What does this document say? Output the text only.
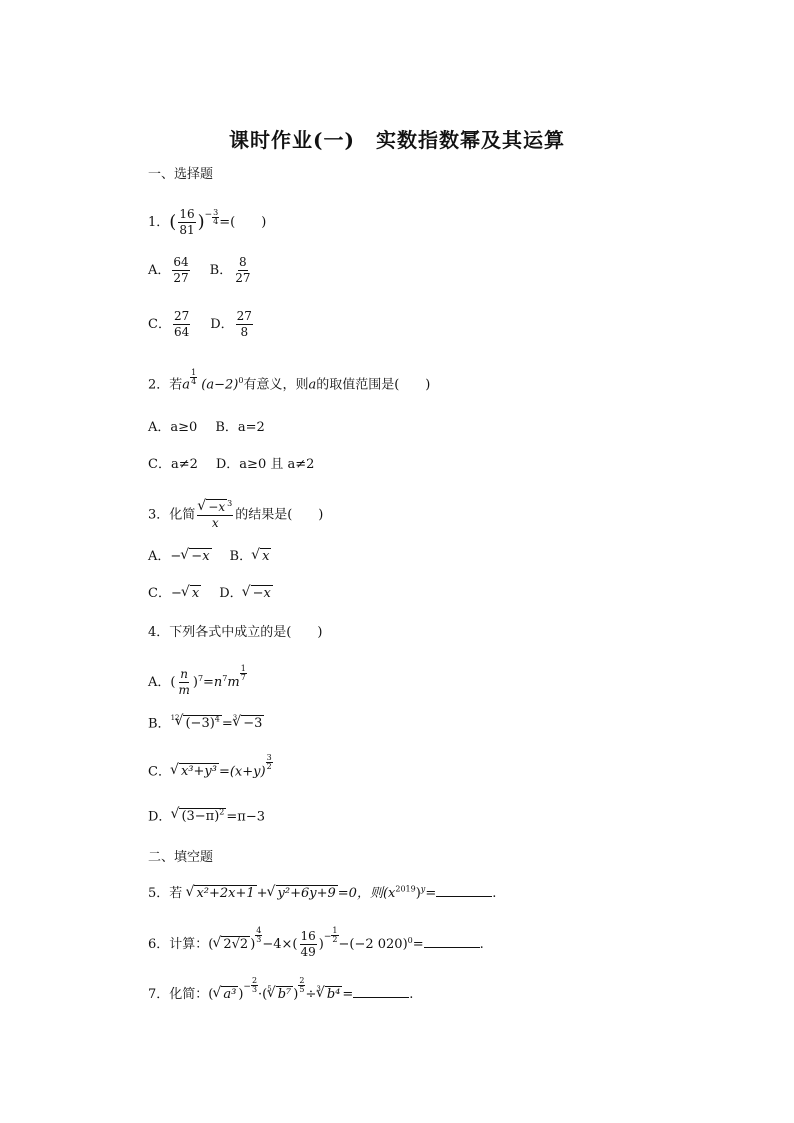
课时作业(一)　实数指数幂及其运算
一、选择题
1．( $\frac{16}{81} )^- \frac{3}{4}$ =(　　)
A． $\frac{64}{27}$ B． $\frac{8}{27}$
C． $\frac{27}{64}$ D． $\frac{27}{8}$
2．若a $\frac{1}{4} (a-2)^0$有意义，则a的取值范围是(　　)
A．a≥0 B．a=2
C．a≠2 D．a≥0 且 a≠2
3．化简
√ $\frac{-x ^3}{x}$ 的结果是(　　)
A．−√ −x B．√ x
C．−√ x D．√ −x
4．下列各式中成立的是(　　)
A．( $\frac{n}{m} )^7=n^7m$
$\frac{1}{7}$
B．$^{12}$√ $(-3)^4 =^3√ -3$
C．√ x³+y³ =(x+y)
$\frac{3}{2}$
D．√ $(3-\pi)^2 =\pi-3$
二、填空题
5．若 √ x²+2x+1 +√ y²+6y+9 =0，则$(x^{2019})^y=$	.
6．计算：(√ 2√2 )
$\frac{4}{3}$
$-4\times( \frac{16}{49} )^- \frac{1}{2}$
−(−2 020)$^0$=	.
7．化简：(√ a³ )$^- \frac{2}{3}$
·($^5$√ b⁷ )
$\frac{2}{5}$
÷$^3$√ b⁴ =	.
